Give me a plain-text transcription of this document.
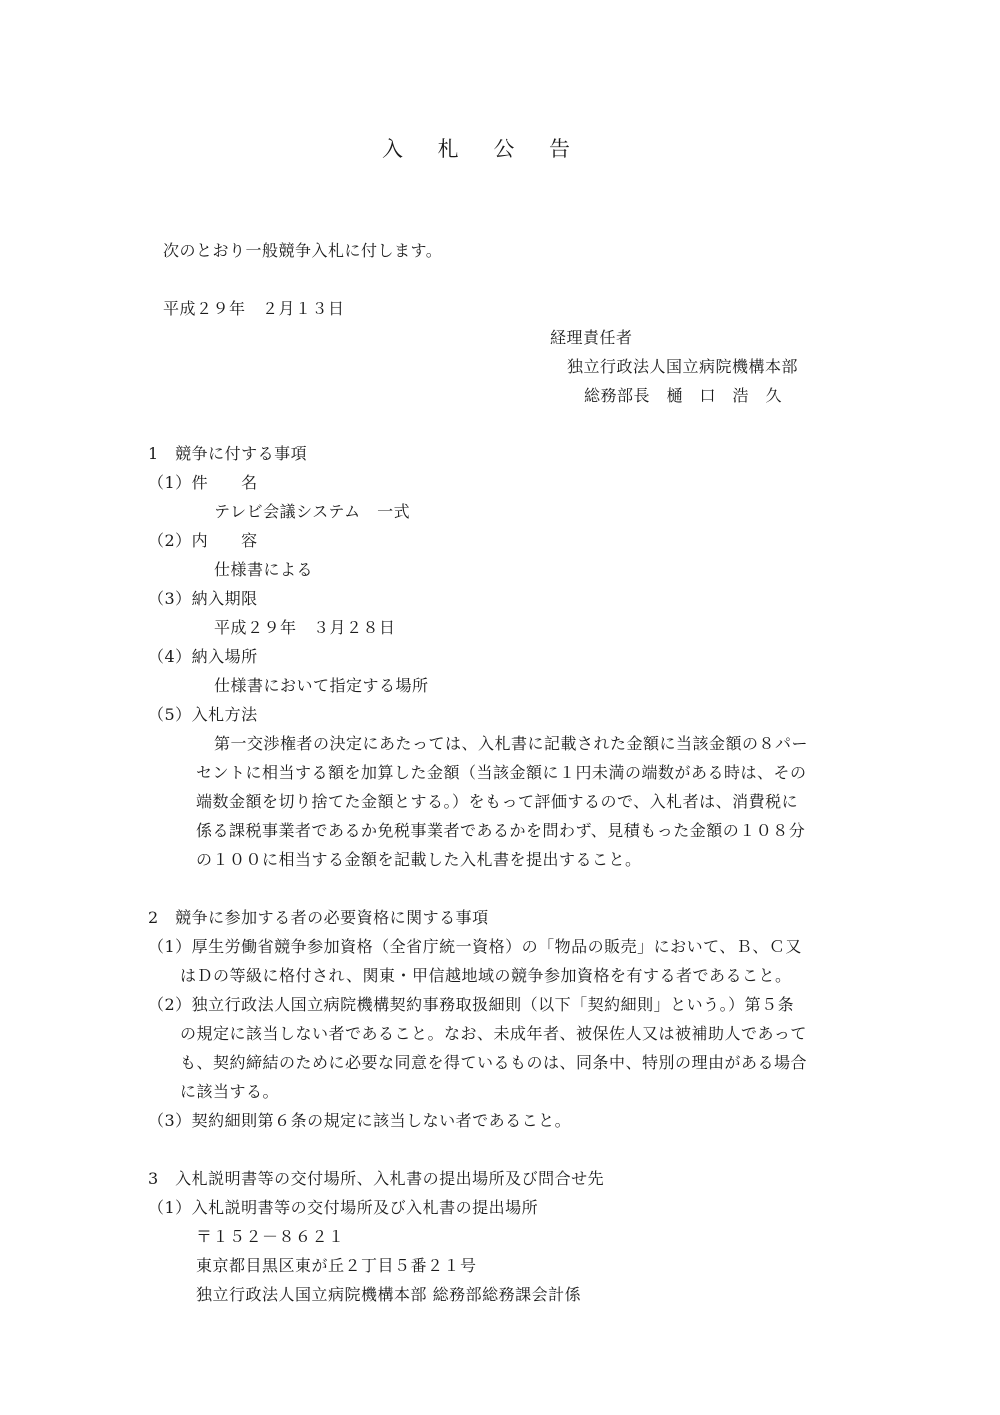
入 札 公 告
次のとおり一般競争入札に付します。
平成２９年　２月１３日
経理責任者
独立行政法人国立病院機構本部
総務部長　樋　口　浩　久
1　競争に付する事項
（1）件　　名
テレビ会議システム　一式
（2）内　　容
仕様書による
（3）納入期限
平成２９年　３月２８日
（4）納入場所
仕様書において指定する場所
（5）入札方法
第一交渉権者の決定にあたっては、入札書に記載された金額に当該金額の８パー
セントに相当する額を加算した金額（当該金額に１円未満の端数がある時は、その
端数金額を切り捨てた金額とする。）をもって評価するので、入札者は、消費税に
係る課税事業者であるか免税事業者であるかを問わず、見積もった金額の１０８分
の１００に相当する金額を記載した入札書を提出すること。
2　競争に参加する者の必要資格に関する事項
（1）厚生労働省競争参加資格（全省庁統一資格）の「物品の販売」において、Ｂ、Ｃ又
はＤの等級に格付され、関東・甲信越地域の競争参加資格を有する者であること。
（2）独立行政法人国立病院機構契約事務取扱細則（以下「契約細則」という。）第５条
の規定に該当しない者であること。なお、未成年者、被保佐人又は被補助人であって
も、契約締結のために必要な同意を得ているものは、同条中、特別の理由がある場合
に該当する。
（3）契約細則第６条の規定に該当しない者であること。
3　入札説明書等の交付場所、入札書の提出場所及び問合せ先
（1）入札説明書等の交付場所及び入札書の提出場所
〒１５２－８６２１
東京都目黒区東が丘２丁目５番２１号
独立行政法人国立病院機構本部 総務部総務課会計係
